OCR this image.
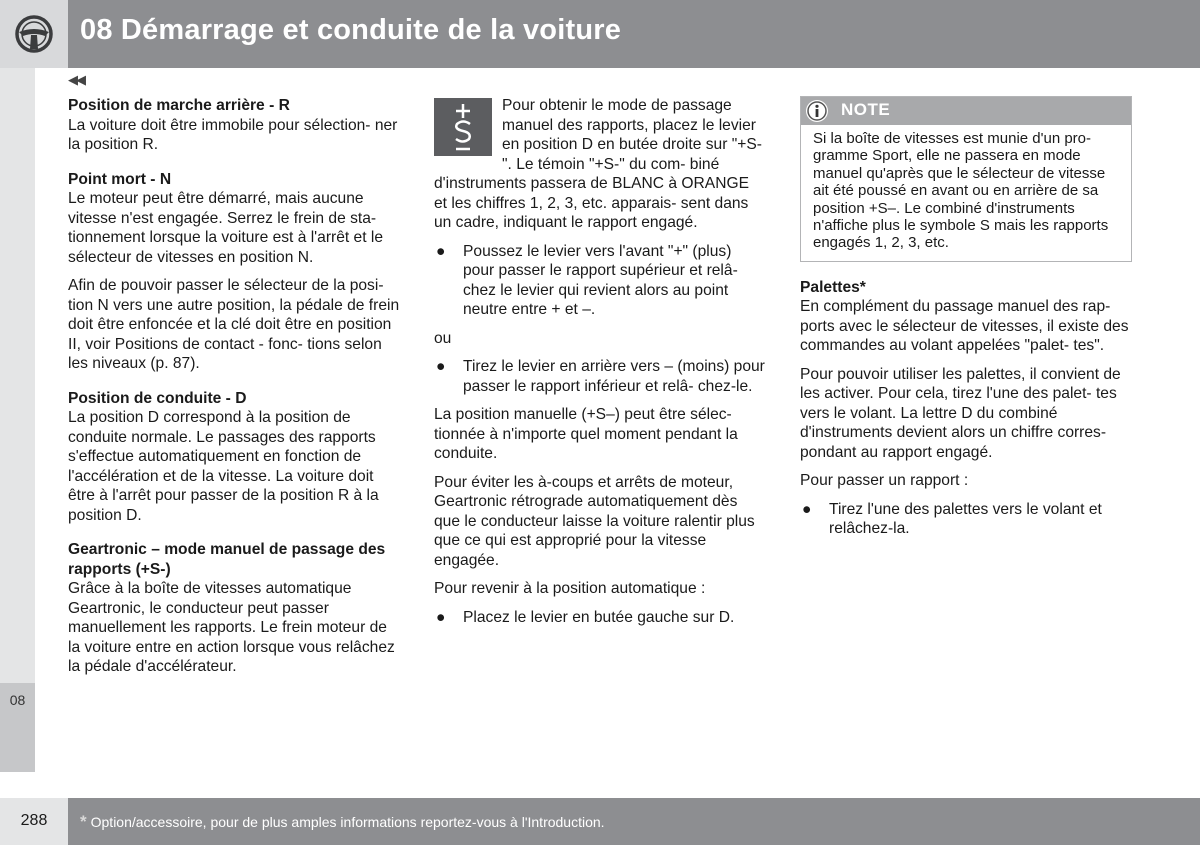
08 Démarrage et conduite de la voiture
08
◀◀
Position de marche arrière - R

La voiture doit être immobile pour sélection- ner la position R.

Point mort - N

Le moteur peut être démarré, mais aucune vitesse n'est engagée. Serrez le frein de sta- tionnement lorsque la voiture est à l'arrêt et le sélecteur de vitesses en position N.

Afin de pouvoir passer le sélecteur de la posi- tion N vers une autre position, la pédale de frein doit être enfoncée et la clé doit être en position II, voir Positions de contact - fonc- tions selon les niveaux (p. 87).

Position de conduite - D

La position D correspond à la position de conduite normale. Le passages des rapports s'effectue automatiquement en fonction de l'accélération et de la vitesse. La voiture doit être à l'arrêt pour passer de la position R à la position D.

Geartronic – mode manuel de passage des rapports (+S-)

Grâce à la boîte de vitesses automatique Geartronic, le conducteur peut passer manuellement les rapports. Le frein moteur de la voiture entre en action lorsque vous relâchez la pédale d'accélérateur.

Pour obtenir le mode de passage manuel des rapports, placez le levier en position D en butée droite sur "+S-". Le témoin "+S-" du com- biné d'instruments passera de BLANC à ORANGE et les chiffres 1, 2, 3, etc. apparais- sent dans un cadre, indiquant le rapport engagé.

● Poussez le levier vers l'avant "+" (plus) pour passer le rapport supérieur et relâ- chez le levier qui revient alors au point neutre entre + et –.

ou

● Tirez le levier en arrière vers – (moins) pour passer le rapport inférieur et relâ- chez-le.

La position manuelle (+S–) peut être sélec- tionnée à n'importe quel moment pendant la conduite.

Pour éviter les à-coups et arrêts de moteur, Geartronic rétrograde automatiquement dès que le conducteur laisse la voiture ralentir plus que ce qui est approprié pour la vitesse engagée.

Pour revenir à la position automatique :

● Placez le levier en butée gauche sur D.
NOTE
Si la boîte de vitesses est munie d'un pro- gramme Sport, elle ne passera en mode manuel qu'après que le sélecteur de vitesse ait été poussé en avant ou en arrière de sa position +S–. Le combiné d'instruments n'affiche plus le symbole S mais les rapports engagés 1, 2, 3, etc.
Palettes*

En complément du passage manuel des rap- ports avec le sélecteur de vitesses, il existe des commandes au volant appelées "palet- tes".

Pour pouvoir utiliser les palettes, il convient de les activer. Pour cela, tirez l'une des palet- tes vers le volant. La lettre D du combiné d'instruments devient alors un chiffre corres- pondant au rapport engagé.

Pour passer un rapport :

● Tirez l'une des palettes vers le volant et relâchez-la.
288	* Option/accessoire, pour de plus amples informations reportez-vous à l'Introduction.
